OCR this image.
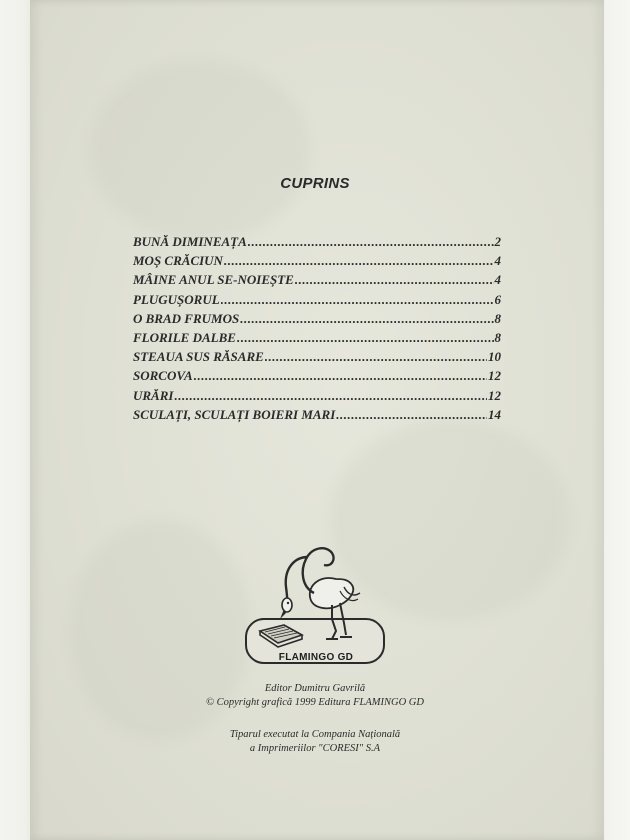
CUPRINS
BUNĂ DIMINEAȚA .....	2
MOȘ CRĂCIUN .....	4
MÂINE ANUL SE-NOIEȘTE .....	4
PLUGUȘORUL .....	6
O BRAD FRUMOS .....	8
FLORILE DALBE .....	8
STEAUA SUS RĂSARE .....	10
SORCOVA .....	12
URĂRI .....	12
SCULAȚI, SCULAȚI BOIERI MARI .....	14
FLAMINGO GD
Editor Dumitru Gavrilă
© Copyright grafică 1999 Editura FLAMINGO GD
Tiparul executat la Compania Națională
a Imprimeriilor "CORESI" S.A
